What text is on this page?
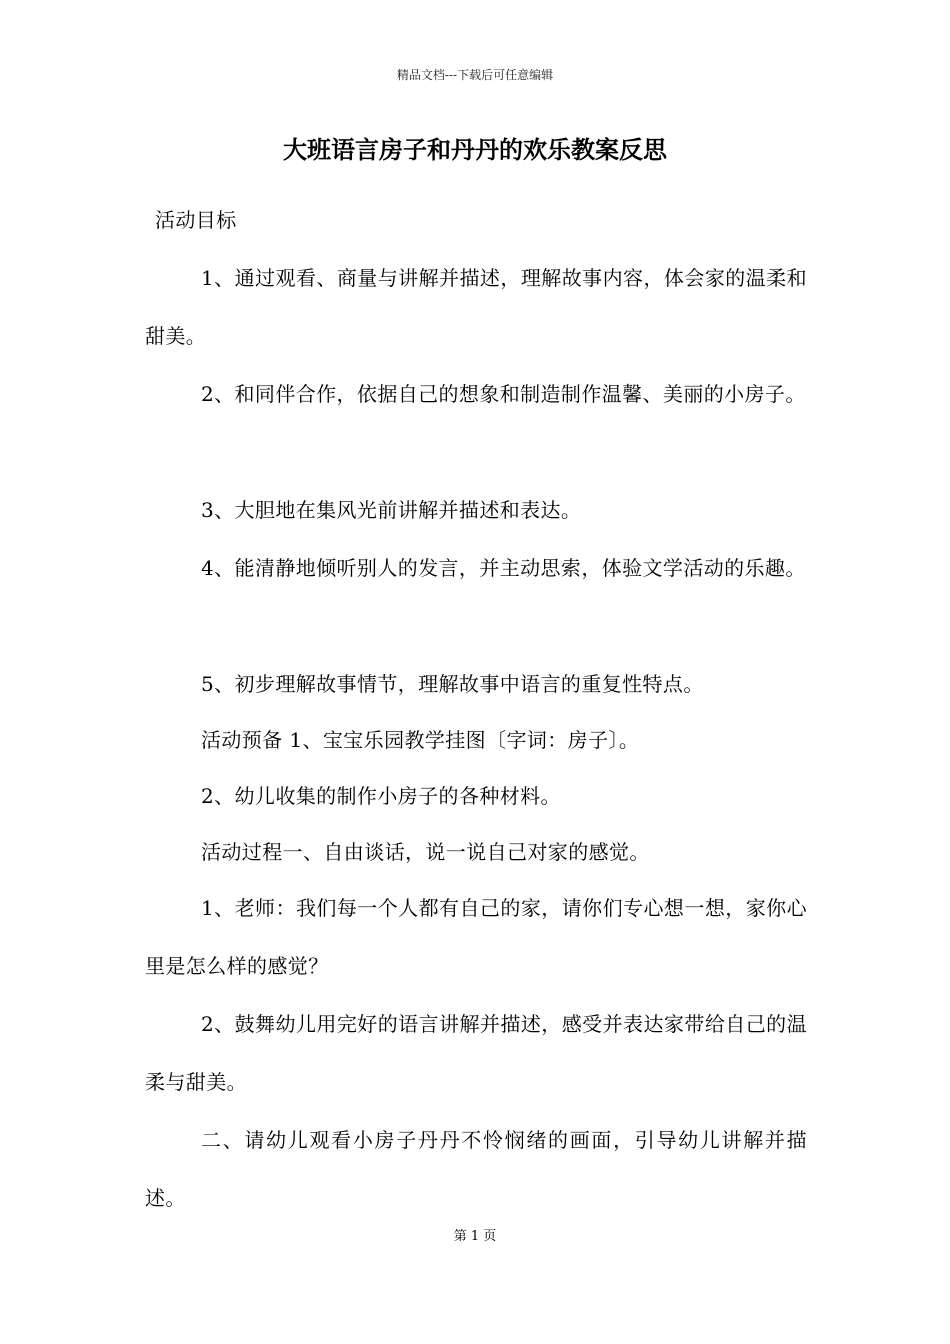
精品文档---下载后可任意编辑
大班语言房子和丹丹的欢乐教案反思

活动目标

1、通过观看、商量与讲解并描述，理解故事内容，体会家的温柔和甜美。

2、和同伴合作，依据自己的想象和制造制作温馨、美丽的小房子。

3、大胆地在集风光前讲解并描述和表达。

4、能清静地倾听别人的发言，并主动思索，体验文学活动的乐趣。

5、初步理解故事情节，理解故事中语言的重复性特点。

活动预备 1、宝宝乐园教学挂图〔字词：房子〕。

2、幼儿收集的制作小房子的各种材料。

活动过程一、自由谈话，说一说自己对家的感觉。

1、老师：我们每一个人都有自己的家，请你们专心想一想，家你心里是怎么样的感觉？

2、鼓舞幼儿用完好的语言讲解并描述，感受并表达家带给自己的温柔与甜美。

二、请幼儿观看小房子丹丹不怜悯绪的画面，引导幼儿讲解并描述。

第 1 页
